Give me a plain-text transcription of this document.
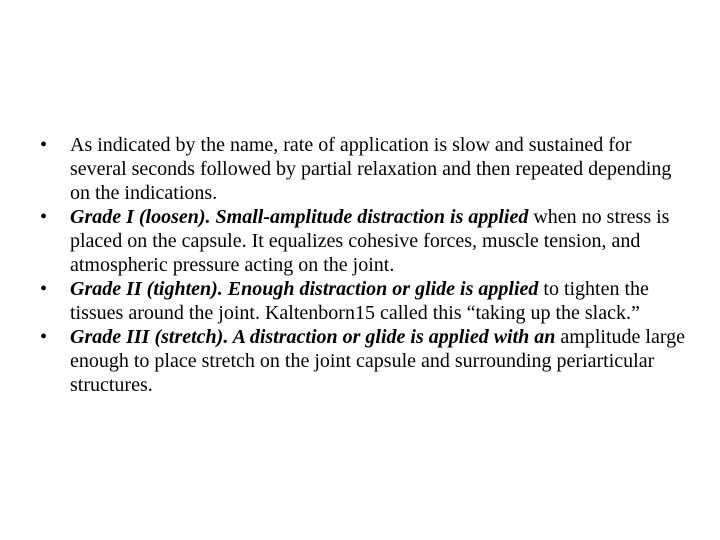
•	As indicated by the name, rate of application is slow and sustained for several seconds followed by partial relaxation and then repeated depending on the indications.
•	Grade I (loosen). Small-amplitude distraction is applied when no stress is placed on the capsule. It equalizes cohesive forces, muscle tension, and atmospheric pressure acting on the joint.
•	Grade II (tighten). Enough distraction or glide is applied to tighten the tissues around the joint. Kaltenborn15 called this “taking up the slack.”
•	Grade III (stretch). A distraction or glide is applied with an amplitude large enough to place stretch on the joint capsule and surrounding periarticular structures.
